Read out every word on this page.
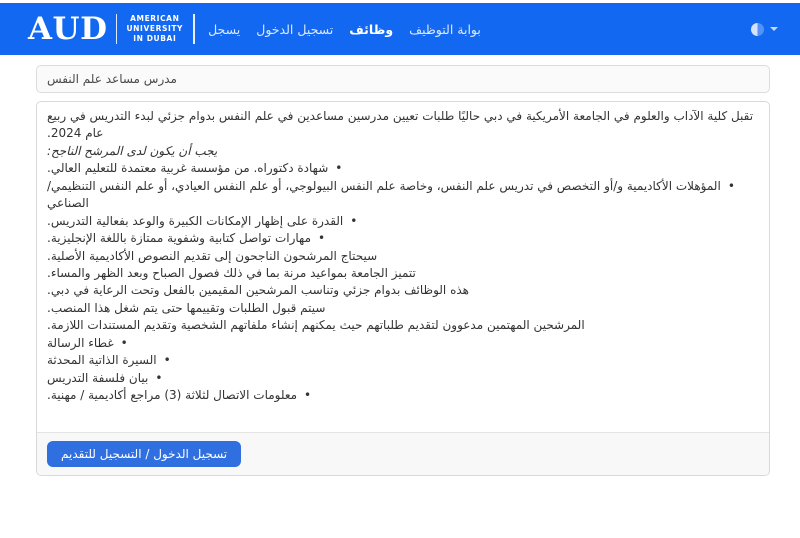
AUD	AMERICAN
UNIVERSITY
IN DUBAI
بوابة التوظيف
وظائف
تسجيل الدخول
يسجل
مدرس مساعد علم النفس

تقبل كلية الآداب والعلوم في الجامعة الأمريكية في دبي حاليًا طلبات تعيين مدرسين مساعدين في علم النفس بدوام جزئي لبدء التدريس في ربيع عام 2024.

يجب أن يكون لدى المرشح الناجح:

•شهادة دكتوراه. من مؤسسة غربية معتمدة للتعليم العالي.
•المؤهلات الأكاديمية و/أو التخصص في تدريس علم النفس، وخاصة علم النفس البيولوجي، أو علم النفس العيادي، أو علم النفس التنظيمي/الصناعي
•القدرة على إظهار الإمكانات الكبيرة والوعد بفعالية التدريس.
•مهارات تواصل كتابية وشفوية ممتازة باللغة الإنجليزية.

سيحتاج المرشحون الناجحون إلى تقديم النصوص الأكاديمية الأصلية.

تتميز الجامعة بمواعيد مرنة بما في ذلك فصول الصباح وبعد الظهر والمساء.
هذه الوظائف بدوام جزئي وتناسب المرشحين المقيمين بالفعل وتحت الرعاية في دبي.

سيتم قبول الطلبات وتقييمها حتى يتم شغل هذا المنصب.

المرشحين المهتمين مدعوون لتقديم طلباتهم حيث يمكنهم إنشاء ملفاتهم الشخصية وتقديم المستندات اللازمة.

•غطاء الرسالة
•السيرة الذاتية المحدثة
•بيان فلسفة التدريس
•معلومات الاتصال لثلاثة (3) مراجع أكاديمية / مهنية.
تسجيل الدخول / التسجيل للتقديم
